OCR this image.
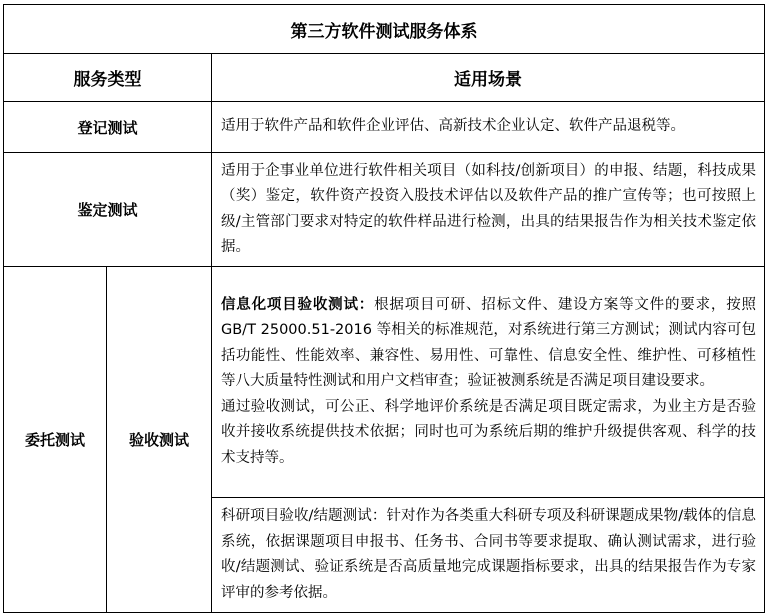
第三方软件测试服务体系		
服务类型		适用场景
登记测试		适用于软件产品和软件企业评估、高新技术企业认定、软件产品退税等。
鉴定测试		适用于企事业单位进行软件相关项目（如科技/创新项目）的申报、结题，科技成果（奖）鉴定，软件资产投资入股技术评估以及软件产品的推广宣传等；也可按照上级/主管部门要求对特定的软件样品进行检测，出具的结果报告作为相关技术鉴定依据。
委托测试	验收测试	信息化项目验收测试：根据项目可研、招标文件、建设方案等文件的要求，按照GB/T 25000.51-2016 等相关的标准规范，对系统进行第三方测试；测试内容可包括功能性、性能效率、兼容性、易用性、可靠性、信息安全性、维护性、可移植性等八大质量特性测试和用户文档审查；验证被测系统是否满足项目建设要求。
通过验收测试，可公正、科学地评价系统是否满足项目既定需求，为业主方是否验收并接收系统提供技术依据；同时也可为系统后期的维护升级提供客观、科学的技术支持等。

		科研项目验收/结题测试：针对作为各类重大科研专项及科研课题成果物/载体的信息系统，依据课题项目申报书、任务书、合同书等要求提取、确认测试需求，进行验收/结题测试、验证系统是否高质量地完成课题指标要求，出具的结果报告作为专家评审的参考依据。
